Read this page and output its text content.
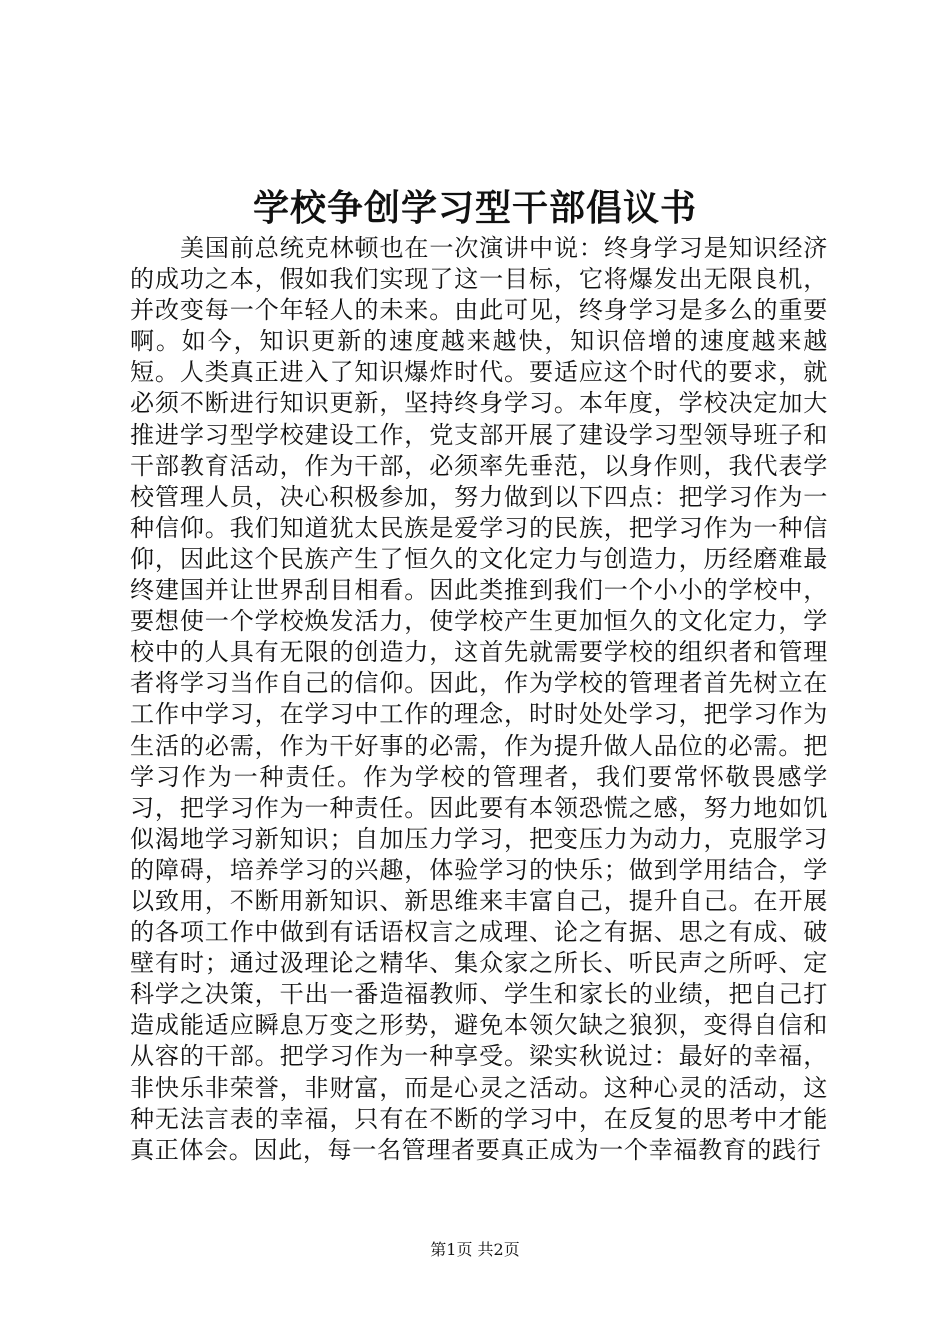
学校争创学习型干部倡议书

美国前总统克林顿也在一次演讲中说：终身学习是知识经济的成功之本，假如我们实现了这一目标，它将爆发出无限良机，并改变每一个年轻人的未来。由此可见，终身学习是多么的重要啊。如今，知识更新的速度越来越快，知识倍增的速度越来越短。人类真正进入了知识爆炸时代。要适应这个时代的要求，就必须不断进行知识更新，坚持终身学习。本年度，学校决定加大推进学习型学校建设工作，党支部开展了建设学习型领导班子和干部教育活动，作为干部，必须率先垂范，以身作则，我代表学校管理人员，决心积极参加，努力做到以下四点：把学习作为一种信仰。我们知道犹太民族是爱学习的民族，把学习作为一种信仰，因此这个民族产生了恒久的文化定力与创造力，历经磨难最终建国并让世界刮目相看。因此类推到我们一个小小的学校中，要想使一个学校焕发活力，使学校产生更加恒久的文化定力，学校中的人具有无限的创造力，这首先就需要学校的组织者和管理者将学习当作自己的信仰。因此，作为学校的管理者首先树立在工作中学习，在学习中工作的理念，时时处处学习，把学习作为生活的必需，作为干好事的必需，作为提升做人品位的必需。把学习作为一种责任。作为学校的管理者，我们要常怀敬畏感学习，把学习作为一种责任。因此要有本领恐慌之感，努力地如饥似渴地学习新知识；自加压力学习，把变压力为动力，克服学习的障碍，培养学习的兴趣，体验学习的快乐；做到学用结合，学以致用，不断用新知识、新思维来丰富自己，提升自己。在开展的各项工作中做到有话语权言之成理、论之有据、思之有成、破壁有时；通过汲理论之精华、集众家之所长、听民声之所呼、定科学之决策，干出一番造福教师、学生和家长的业绩，把自己打造成能适应瞬息万变之形势，避免本领欠缺之狼狈，变得自信和从容的干部。把学习作为一种享受。梁实秋说过：最好的幸福，非快乐非荣誉，非财富，而是心灵之活动。这种心灵的活动，这种无法言表的幸福，只有在不断的学习中，在反复的思考中才能真正体会。因此，每一名管理者要真正成为一个幸福教育的践行

第1页 共2页
